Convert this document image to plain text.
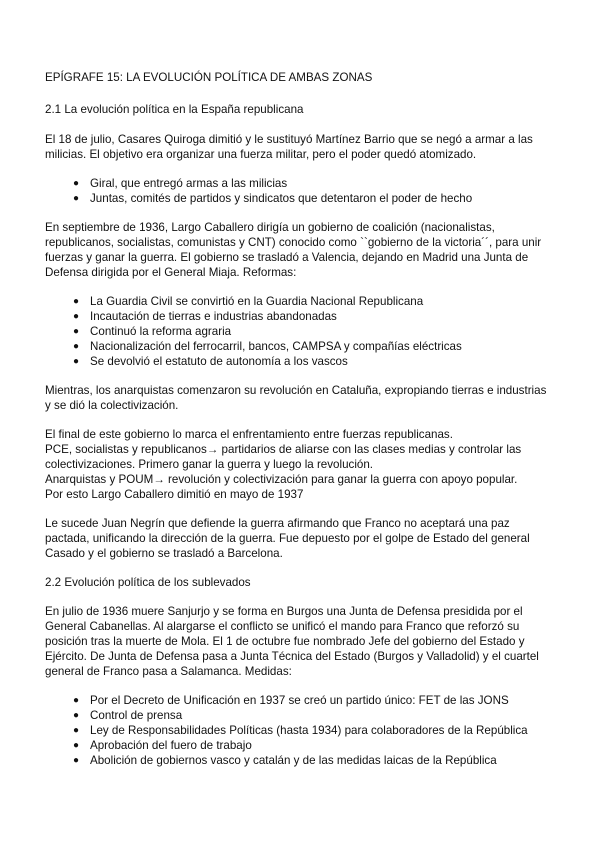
EPÍGRAFE 15: LA EVOLUCIÓN POLÍTICA DE AMBAS ZONAS
2.1 La evolución política en la España republicana
El 18 de julio, Casares Quiroga dimitió y le sustituyó Martínez Barrio que se negó a armar a las
milicias. El objetivo era organizar una fuerza militar, pero el poder quedó atomizado.
● Giral, que entregó armas a las milicias
● Juntas, comités de partidos y sindicatos que detentaron el poder de hecho
En septiembre de 1936, Largo Caballero dirigía un gobierno de coalición (nacionalistas,
republicanos, socialistas, comunistas y CNT) conocido como ``gobierno de la victoria´´, para unir
fuerzas y ganar la guerra. El gobierno se trasladó a Valencia, dejando en Madrid una Junta de
Defensa dirigida por el General Miaja. Reformas:
● La Guardia Civil se convirtió en la Guardia Nacional Republicana
● Incautación de tierras e industrias abandonadas
● Continuó la reforma agraria
● Nacionalización del ferrocarril, bancos, CAMPSA y compañías eléctricas
● Se devolvió el estatuto de autonomía a los vascos
Mientras, los anarquistas comenzaron su revolución en Cataluña, expropiando tierras e industrias
y se dió la colectivización.
El final de este gobierno lo marca el enfrentamiento entre fuerzas republicanas.
PCE, socialistas y republicanos→ partidarios de aliarse con las clases medias y controlar las
colectivizaciones. Primero ganar la guerra y luego la revolución.
Anarquistas y POUM→ revolución y colectivización para ganar la guerra con apoyo popular.
Por esto Largo Caballero dimitió en mayo de 1937
Le sucede Juan Negrín que defiende la guerra afirmando que Franco no aceptará una paz
pactada, unificando la dirección de la guerra. Fue depuesto por el golpe de Estado del general
Casado y el gobierno se trasladó a Barcelona.
2.2 Evolución política de los sublevados
En julio de 1936 muere Sanjurjo y se forma en Burgos una Junta de Defensa presidida por el
General Cabanellas. Al alargarse el conflicto se unificó el mando para Franco que reforzó su
posición tras la muerte de Mola. El 1 de octubre fue nombrado Jefe del gobierno del Estado y
Ejército. De Junta de Defensa pasa a Junta Técnica del Estado (Burgos y Valladolid) y el cuartel
general de Franco pasa a Salamanca. Medidas:
● Por el Decreto de Unificación en 1937 se creó un partido único: FET de las JONS
● Control de prensa
● Ley de Responsabilidades Políticas (hasta 1934) para colaboradores de la República
● Aprobación del fuero de trabajo
● Abolición de gobiernos vasco y catalán y de las medidas laicas de la República
